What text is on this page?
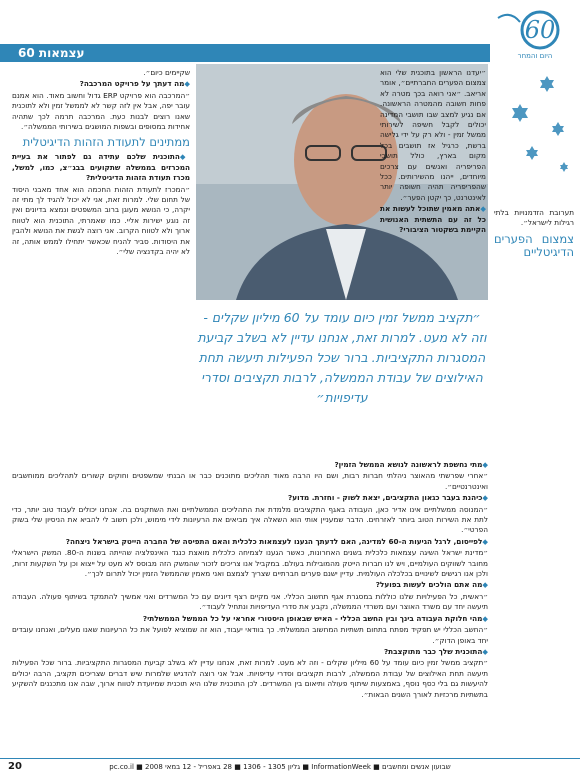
עצמאות 60
60
היום והמחר
״תקציב ממשל זמין כיום עומד על 60 מיליון שקלים - וזה לא מעט. למרות זאת, אנחנו עדיין לא בשלב קביעת המסגרות התקציביות. ברור שכל הפעילות תיעשה תחת האילוצים של עבודת הממשלה, לרבות תקציבים וסדרי עדיפויות״

תערובת הזדמנויות בלתי רגילות לישראל״.

צמצום הפערים הדיגיטליים

״יעדנו הראשון בתוכנית שלי הוא צמצום הפערים החברתיים״, אומר אריאב. ״אני רואה בכך מטרה לא פחות חשובה מהמטרה הראשונה. אם נגיע למצב שבו תושבי המדינה יכולים לקבל חשיפה לשירותי ממשל זמין - ולא רק על ידי גלישה ברשת, כרגיל אז תושבים בכל מקום בארץ, כולל תושבי הפריפריה ואנשים עם צרכים מיוחדים, ייהנו מהשירותים. ככל שהפריפריה תהיה חשופה יותר לאינטרנט, כך יקטן הפער״.

◆ אתה מאמין שתוכל לעשות את כל זה עם התשתית האנושית הקיימת בשקטור הציבורי?

שקיימים כיום״.

◆ מה דעתך על פרויקט המרכבה?

״המרכבה הוא פרויקט ERP גדול וחשוב מאוד. הוא אמנם עובר יפה, אבל אין לזה קשר לא לממשל זמין ולא לתוכנית שאנו רוצים לבנות כעת. המרכבה תרמה לכך שתהיה אחידות במסופים ובשפות המושגים בשירותי הממשלה״.

ממתינים לתעודת הזהות הדיגיטלית

◆ התוכנית שלכם עתידה גם לפתור את בעיית המכרזים בממשלה שתקועים בבג״צ, כמו, למשל, מכרז תעודת הזהות הדיגיטלית?

״המכרז לתעודת הזהות החכמה הוא אחד מאבני היסוד של תחום שלי. למרות זאת, אני לא יכול להגיד לך מתי זה יקרה, כי הנושא מעוגן ברוב המשפטים ונמצא בדיונים ואין זה נוגע ישירות אליי. כמו שאמרתי, התוכנית הוא לטווח ארוך ולא לטווח הקרוב. אני רוצה לגשת את הנושא ולהבין את היסודות. סביר להניח שכאשר יתחילו לממש אותה, זה לא יהיה בקדנציה שלי״.

◆ מתי נחשפת לראשונה לנושא הממשל הזמין?

״אחרי שפרשתי מהאוצר ניהלתי חברות רבות, ושם היו הרבה מאוד תהליכים מתוכנים כבר או הבנתי שמשפטים וחוקים קשורים לתהליכים ממוחשבים ואינטרנטיים״.

◆ כיהנת בעבר כגאון התקציבים, יצאת לשוק - וחזרת. מדוע?

״המנוסה ממשלתיים אינו אדיר כאן, העבודה באגף התקציבים מלמדת את התהליכים הממשלתיים ואת השחקנים בה. אנחנו יכולים לעבוד טוב יותר, כדי לתת את השירות הטוב ביותר לאזרחים. הדבר שמעניין אותי הוא השאלה איך מביאים את הרעיונות לידי מימוש, ולכן חשוב לי להביא את הניסיון שלי בשוק הפרטי״.

◆ לפייסום, לרגל הגיעות ה-60 למדינה, האם לדעתך הגענו לעצמאות כלכלית והאם התפיסה של החברה הייטק בישראל ניצחה?

״מדינת ישראל השיגה עצמאות כלכלית בשנים האחרונות, כאשר הגענו לצמיחה כלכלית מואצת כנגד האינפלציה שהייתה בשנות ה-80. המשק הישראלי מחובר לשווקים העולמיים, ויש לנו חברות הייטק מהמובילות בעולם. במקביל אנו צריכים לזכור שהמשק הזה מבוסס לא מעט על ייצוא וכן על השקעות זרות, ולכן אנו רגישים לשינויים בכלכלה העולמית. עדיין ישנם פערים חברתיים שצריך לצמצם ואני מאמין שהממשל הזמין יכול לתרום לכך״.

◆ מה אתם הולכים לעשות בפועל?

״ראשית, כל הפעילויות שלנו כוללות במסגרת אגף תחשוב הכללי. אני מקיים רצף דיונים עם כל המשרדים ואני אמשיך להתמקד בשיתוף פעולה. העבודה תיעשה יחד עם משרד האוצר ועם משרדי הממשלה, נקבע את סדרי העדיפויות ונתחיל לעבוד״.

◆ מהי חלוקת העבודה בינך ובין החשב הכללי - האיש שבאופן היסטורי אחראי על כל הממשל הממשלתי?

״החשב הכללי יש תפקיד מפתח בתחום תשתיות המחשוב הממשלתי. כך בוודאי יעבוד, הוא זה שמוציא לפועל את כל הרעיונות שאנו מעלים, ואנחנו עובדים יחד באופן הדוק״.

◆ התוכנית שלך כבר מתוקצבת?

״תקציב ממשל זמין כיום עומד על 60 מיליון שקלים - וזה לא מעט. למרות זאת, אנחנו עדיין לא בשלב קביעת המסגרות התקציביות. ברור שכל הפעילות תיעשה תחת האילוצים של עבודת הממשלה, לרבות תקציבים וסדרי עדיפויות. אבל אני רוצה להדגיש שלמרות שיש דברים שצריכים תקציב, הרבה יכולים להיעשות גם בלי כסף נוסף, באמצעות שיתוף פעולה ותיאום בין המשרדים. לכן התוכנית שלנו היא תוכנית שמיועדת לטווח ארוך, שבה אנו מתכננים להשקיע בתשתיות מרכזיות לאורך השנים הבאות״.

20	שבועון אנשים ומחשבים ■ InformationWeek ■ גליון 1305 - 1306 ■ 28 באפריל - 12 במאי 2008 ■ pc.co.il
